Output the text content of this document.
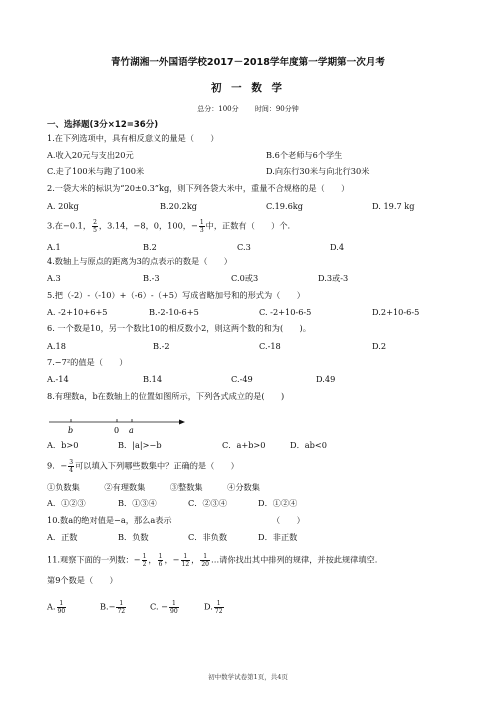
青竹湖湘一外国语学校2017－2018学年度第一学期第一次月考
初 一 数 学
总分：100分 时间：90分钟
一、选择题(3分×12=36分)
1.在下列选项中，具有相反意义的量是（　　）
A.收入20元与支出20元	B.6个老师与6个学生
C.走了100米与跑了100米	D.向东行30米与向北行30米
2.一袋大米的标识为“20±0.3”kg，则下列各袋大米中，重量不合规格的是（　　）
A. 20kg	B.20.2kg	C.19.6kg	D. 19.7 kg
3.在−0.1， $\frac{2}{5}$ ，3.14，−8，0，100，− $\frac{1}{3}$ 中，正数有（　　）个.
A.1	B.2	C.3	D.4
4.数轴上与原点的距离为3的点表示的数是（　　）
A.3	B.-3	C.0或3	D.3或-3
5.把（-2）-（-10）+（-6）-（+5）写成省略加号和的形式为（　　）
A. -2+10+6+5	B.-2-10-6+5	C. -2+10-6-5	D.2+10-6-5
6. 一个数是10，另一个数比10的相反数小2，则这两个数的和为(　　)。
A.18	B.-2	C.-18	D.2
7.−7²的值是（　　）
A.-14	B.14	C.-49	D.49
8.有理数a，b在数轴上的位置如图所示，下列各式成立的是(　　)
b	0 a
A．b>0	B．|a|>−b	C．a+b>0	D．ab<0
9．− $\frac{3}{4}$ 可以填入下列哪些数集中？正确的是（　　）
①负数集　　　②有理数集　　　③整数集　　　④分数集
A．①②③	B．①③④	C．②③④	D．①②④
10.数a的绝对值是−a，那么a表示	（　　）
A．正数	B．负数	C．非负数	D．非正数
11.观察下面的一列数：− $\frac{1}{2}$ ， $\frac{1}{6}$ ，− $\frac{1}{12}$ ， $\frac{1}{20}$ …请你找出其中排列的规律，并按此规律填空.
第9个数是（　　）
A. $\frac{1}{90}$	$B.- \frac{1}{72}$	C. − $\frac{1}{90}$	D. $\frac{1}{72}$
初中数学试卷第1页，共4页
